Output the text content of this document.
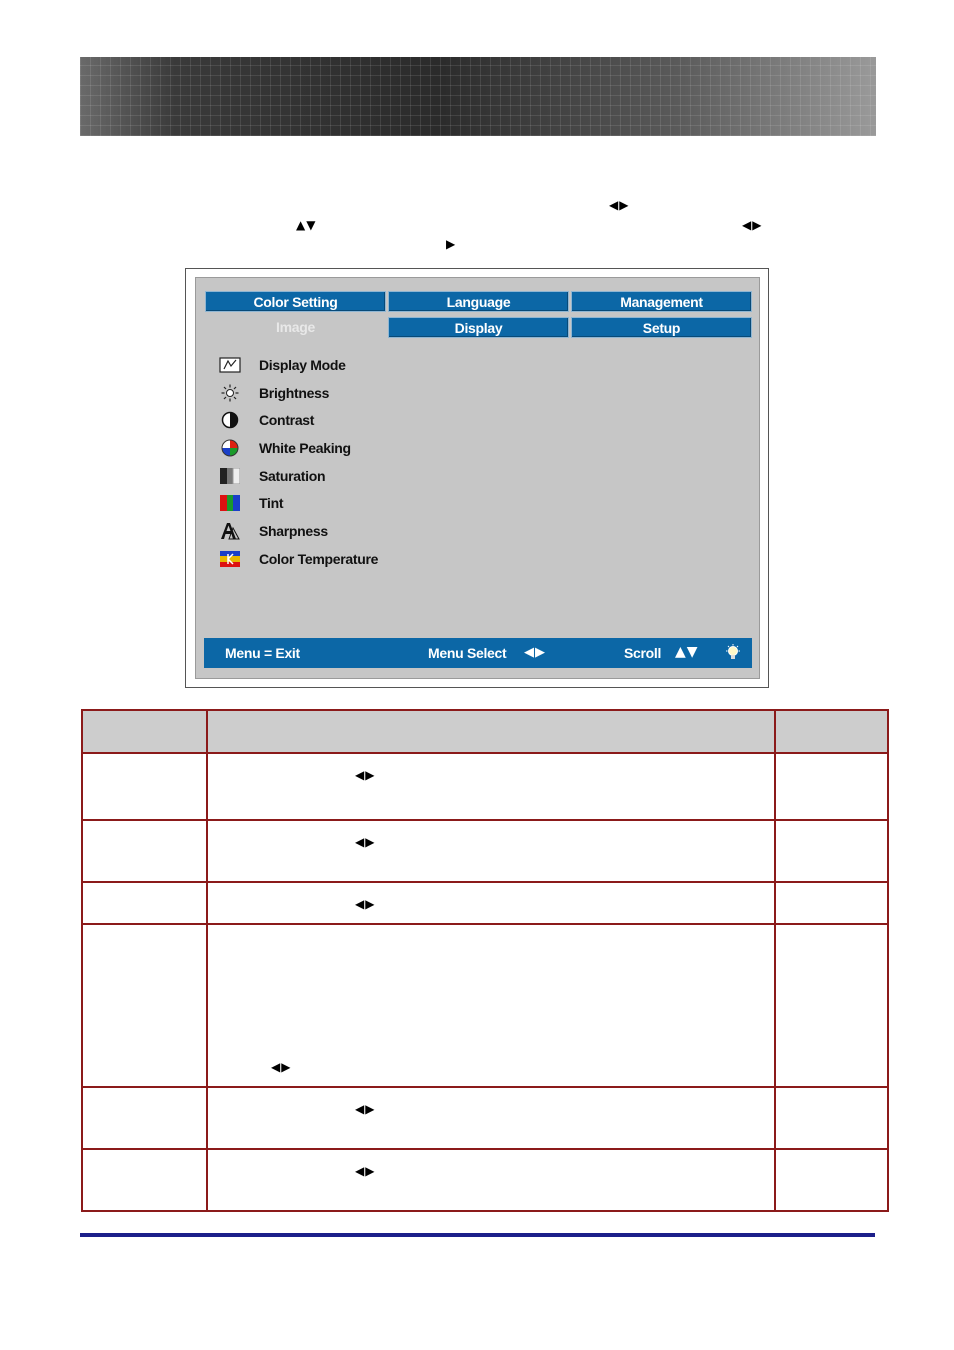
◀▶
▲▼	◀▶
▶
Color Setting	Language	Management
Image	Display	Setup
Display Mode
Brightness
Contrast
White Peaking
Saturation
Tint
Sharpness
Color Temperature
Menu = Exit	Menu Select ◀▶	Scroll ▲▼
◀▶
◀▶
◀▶
◀▶
◀▶
◀▶
